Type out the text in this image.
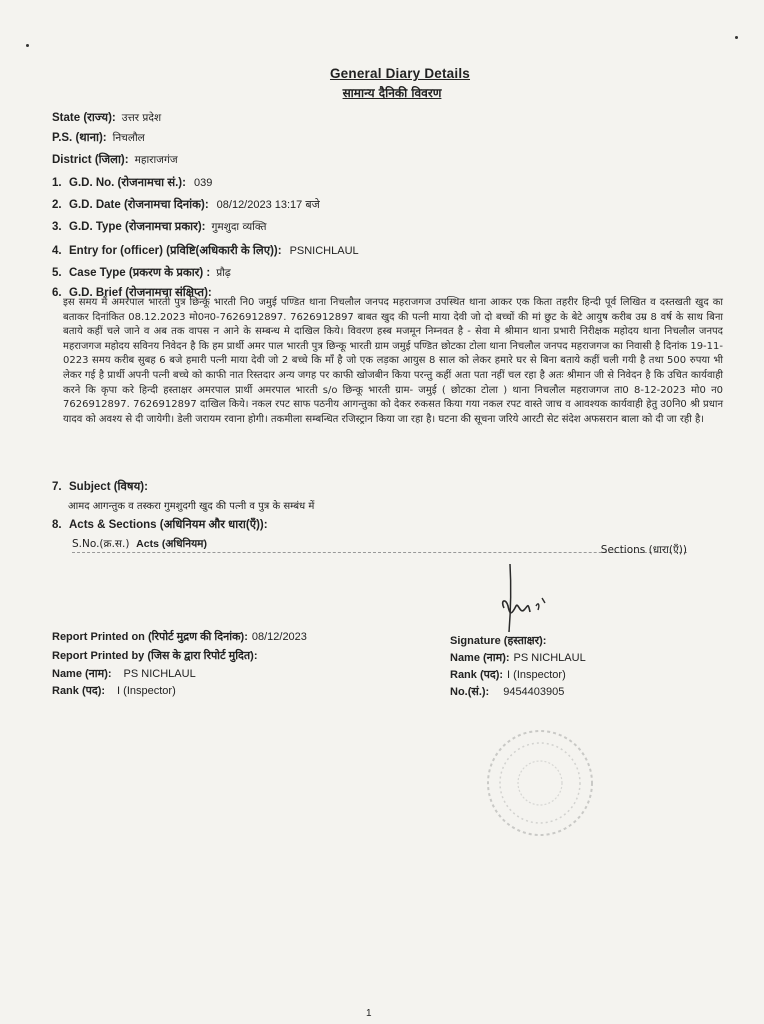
General Diary Details
सामान्य दैनिकी विवरण
State (राज्य): उत्तर प्रदेश
P.S. (थाना): निचलौल
District (जिला): महाराजगंज
1. G.D. No. (रोजनामचा सं.): 039
2. G.D. Date (रोजनामचा दिनांक): 08/12/2023 13:17 बजे
3. G.D. Type (रोजनामचा प्रकार): गुमशुदा व्यक्ति
4. Entry for (officer) (प्रविष्टि(अधिकारी के लिए)): PSNICHLAUL
5. Case Type (प्रकरण के प्रकार) : प्रौढ़
6. G.D. Brief (रोजनामचा संक्षिप्त):
इस समय मैं अमरपाल भारती पुत्र छिन्कू भारती नि0 जमुई पण्डित थाना निचलौल जनपद महराजगज उपस्थित थाना आकर एक किता तहरीर हिन्दी पूर्व लिखित व दस्तखती खुद का बताकर दिनांकित 08.12.2023 मो0न0-7626912897. 7626912897 बाबत खुद की पत्नी माया देवी जो दो बच्चों की मां छुट के बेटे आयुष करीब उम्र 8 वर्ष के साथ बिना बताये कहीं चले जाने व अब तक वापस न आने के सम्बन्ध मे दाखिल किये। विवरण हस्ब मजमून निम्नवत है - सेवा मे श्रीमान थाना प्रभारी निरीक्षक महोदय थाना निचलौल जनपद महराजगज महोदय सविनय निवेदन है कि हम प्रार्थी अमर पाल भारती पुत्र छिन्कू भारती ग्राम जमुई पण्डित छोटका टोला थाना निचलौल जनपद महराजगज का निवासी है दिनांक 19-11-0223 समय करीब सुबह 6 बजे हमारी पत्नी माया देवी जो 2 बच्चे कि माँ है जो एक लड़का आयुस 8 साल को लेकर हमारे घर से बिना बताये कहीं चली गयी है तथा 500 रुपया भी लेकर गई है प्रार्थी अपनी पत्नी बच्चे को काफी नात रिस्तदार अन्य जगह पर काफी खोजबीन किया परन्तु कहीं अता पता नहीं चल रहा है अतः श्रीमान जी से निवेदन है कि उचित कार्यवाही करने कि कृपा करे हिन्दी हस्ताक्षर अमरपाल प्रार्थी अमरपाल भारती s/o छिन्कू भारती ग्राम- जमुई ( छोटका टोला ) थाना निचलौल महराजगज ता0 8-12-2023 मो0 न0 7626912897. 7626912897 दाखिल किये। नकल रपट साफ पठनीय आगन्तुका को देकर रुकसत किया गया नकल रपट वास्ते जाच व आवश्यक कार्यवाही हेतु उ0नि0 श्री प्रधान यादव को अवश्य से दी जायेगी। डेली जरायम रवाना होगी। तकमीला सम्बन्धित रजिस्ट्रान किया जा रहा है। घटना की सूचना जरिये आरटी सेट संदेश अफसरान बाला को दी जा रही है।
7. Subject (विषय):
आमद आगन्तुक व तस्करा गुमशुदगी खुद की पत्नी व पुत्र के सम्बंध में
8. Acts & Sections (अधिनियम और धारा(एँ)):
S.No.(क्र.स.) Acts (अधिनियम)	Sections (धारा(एँ))
Report Printed on (रिपोर्ट मुद्रण की दिनांक): 08/12/2023
Report Printed by (जिस के द्वारा रिपोर्ट मुदित):
Name (नाम): PS NICHLAUL
Rank (पद): I (Inspector)
Signature (हस्ताक्षर):
Name (नाम): PS NICHLAUL
Rank (पद): I (Inspector)
No.(सं.): 9454403905
1
